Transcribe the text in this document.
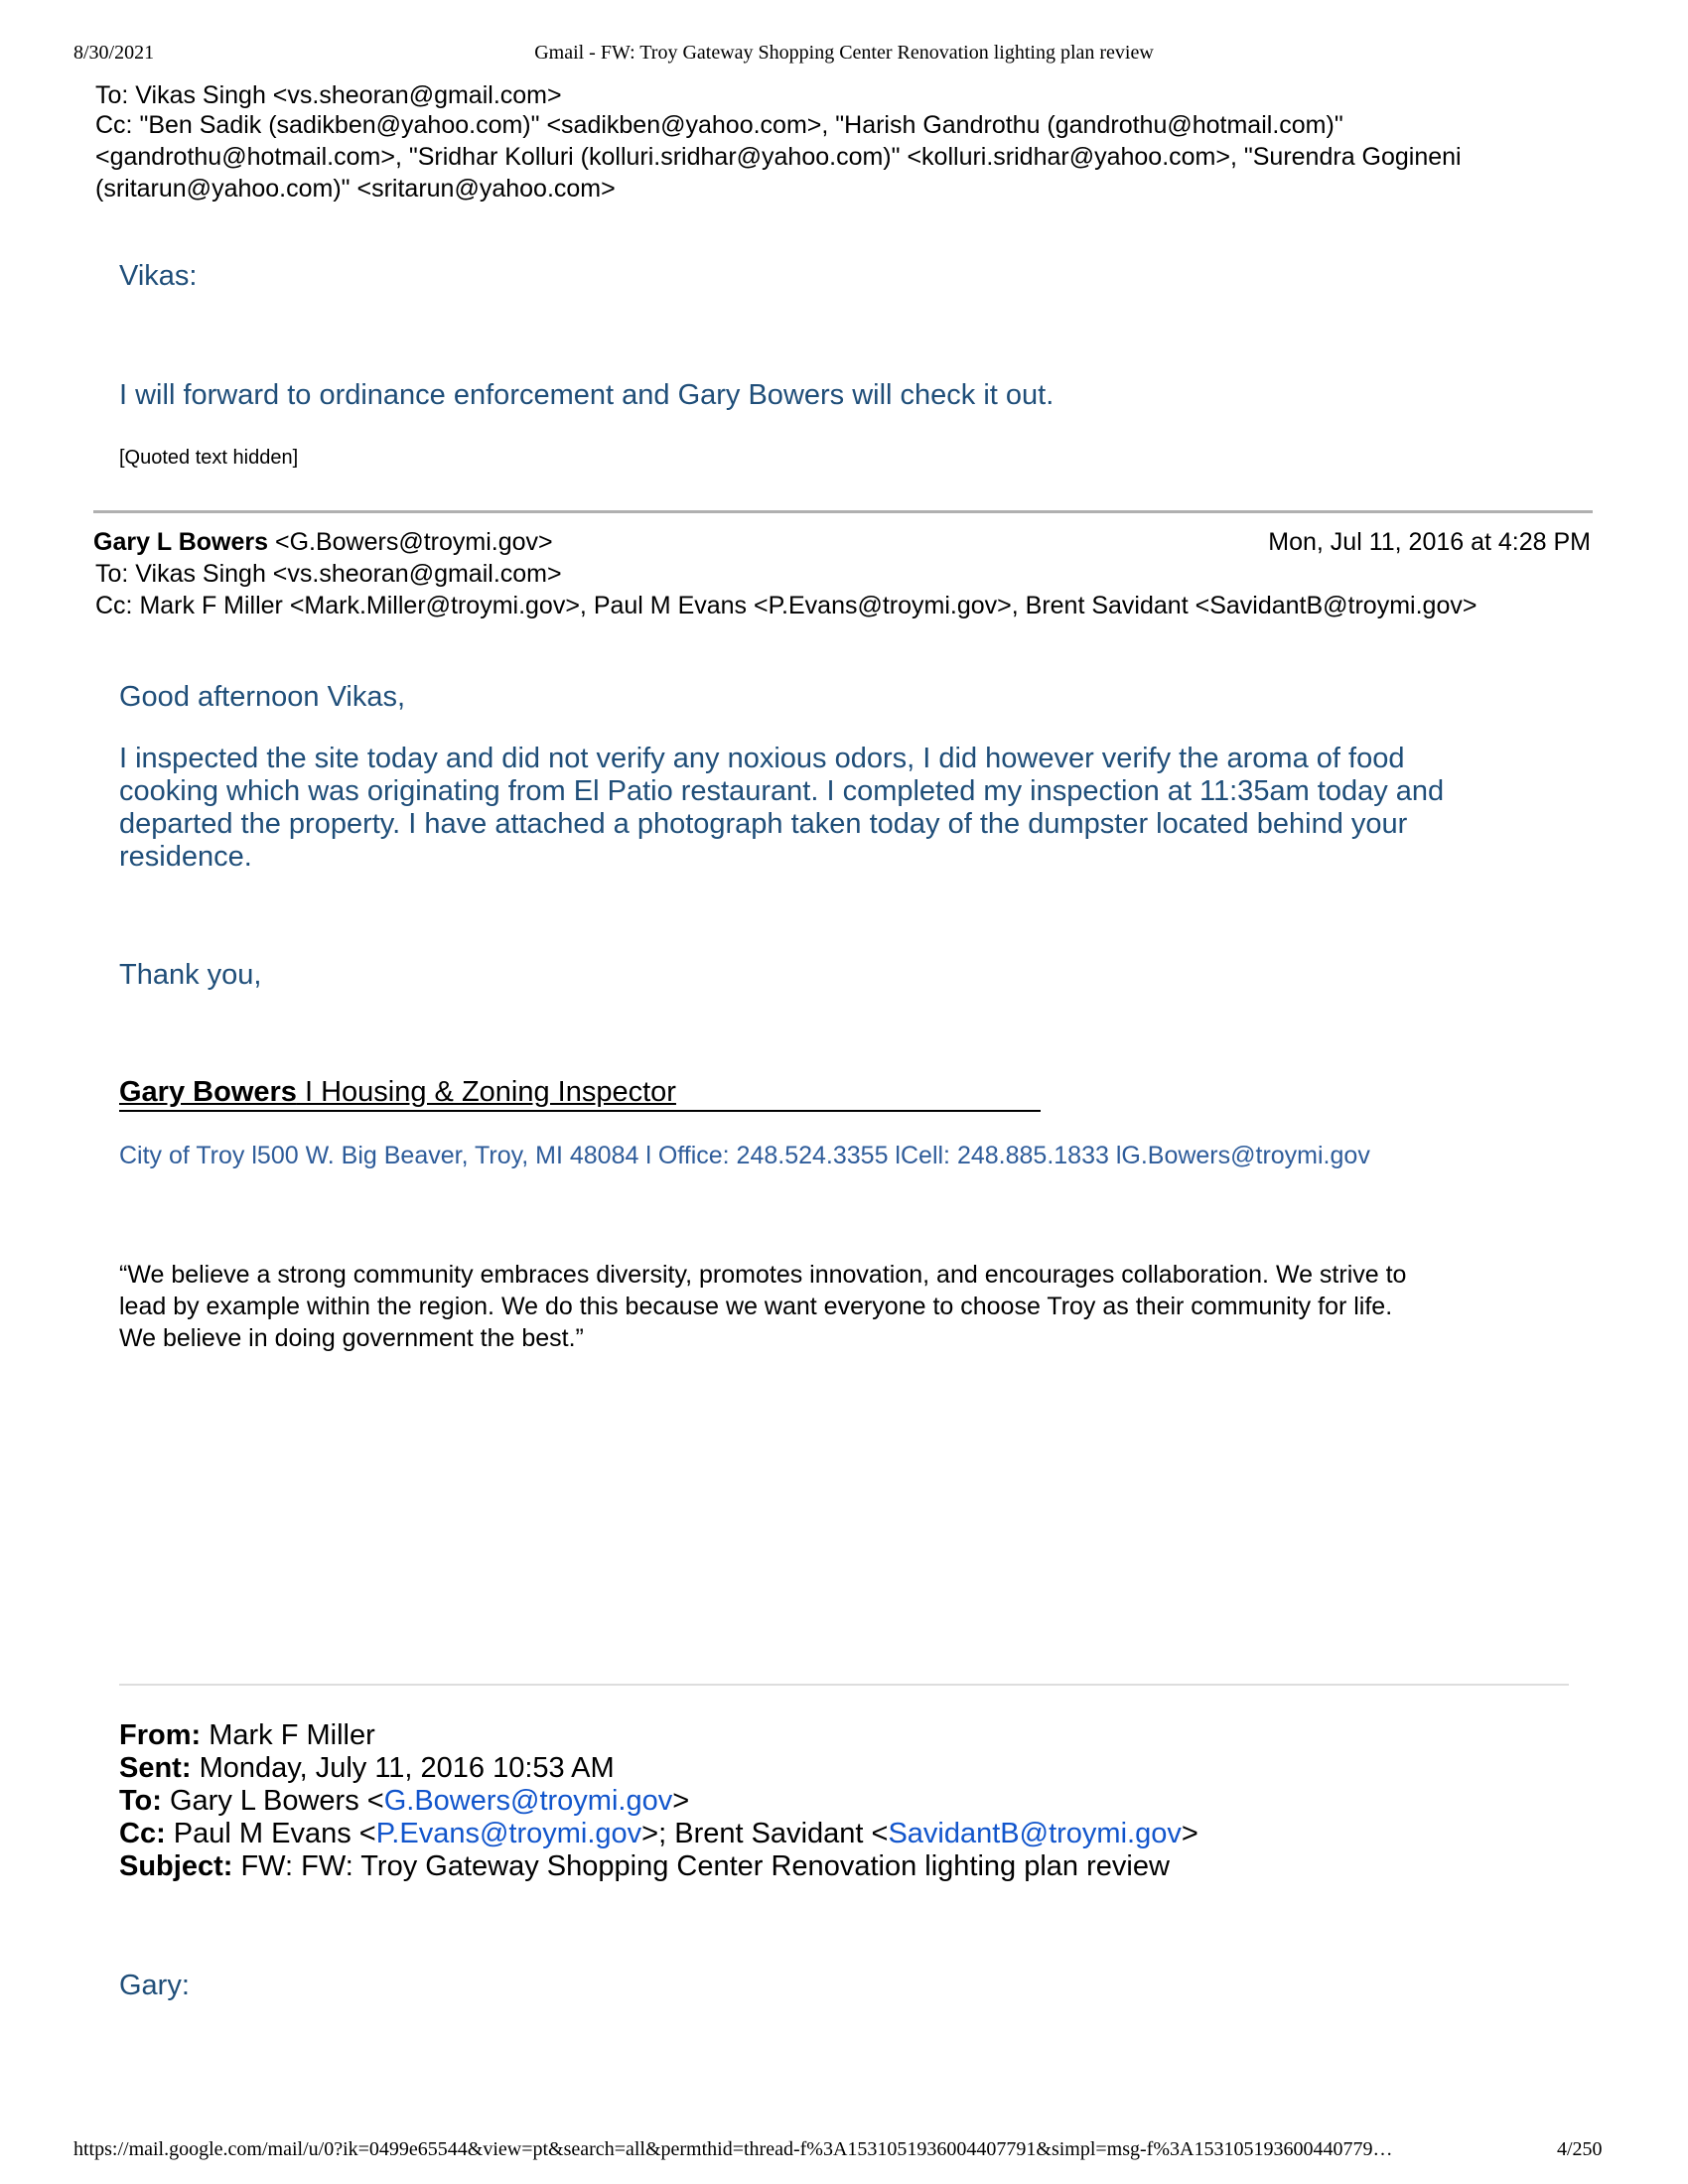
8/30/2021	Gmail - FW: Troy Gateway Shopping Center Renovation lighting plan review
To: Vikas Singh <vs.sheoran@gmail.com>
Cc: "Ben Sadik (sadikben@yahoo.com)" <sadikben@yahoo.com>, "Harish Gandrothu (gandrothu@hotmail.com)"
<gandrothu@hotmail.com>, "Sridhar Kolluri (kolluri.sridhar@yahoo.com)" <kolluri.sridhar@yahoo.com>, "Surendra Gogineni
(sritarun@yahoo.com)" <sritarun@yahoo.com>
Vikas:
I will forward to ordinance enforcement and Gary Bowers will check it out.
[Quoted text hidden]
Gary L Bowers <G.Bowers@troymi.gov>	Mon, Jul 11, 2016 at 4:28 PM
To: Vikas Singh <vs.sheoran@gmail.com>
Cc: Mark F Miller <Mark.Miller@troymi.gov>, Paul M Evans <P.Evans@troymi.gov>, Brent Savidant <SavidantB@troymi.gov>
Good afternoon Vikas,
I inspected the site today and did not verify any noxious odors, I did however verify the aroma of food
cooking which was originating from El Patio restaurant. I completed my inspection at 11:35am today and
departed the property. I have attached a photograph taken today of the dumpster located behind your
residence.
Thank you,
Gary Bowers I Housing & Zoning Inspector
City of Troy l500 W. Big Beaver, Troy, MI 48084 l Office: 248.524.3355 lCell: 248.885.1833 lG.Bowers@troymi.gov
“We believe a strong community embraces diversity, promotes innovation, and encourages collaboration. We strive to
lead by example within the region. We do this because we want everyone to choose Troy as their community for life.
We believe in doing government the best.”
From: Mark F Miller
Sent: Monday, July 11, 2016 10:53 AM
To: Gary L Bowers <G.Bowers@troymi.gov>
Cc: Paul M Evans <P.Evans@troymi.gov>; Brent Savidant <SavidantB@troymi.gov>
Subject: FW: FW: Troy Gateway Shopping Center Renovation lighting plan review
Gary:
https://mail.google.com/mail/u/0?ik=0499e65544&view=pt&search=all&permthid=thread-f%3A1531051936004407791&simpl=msg-f%3A153105193600440779…	4/250
